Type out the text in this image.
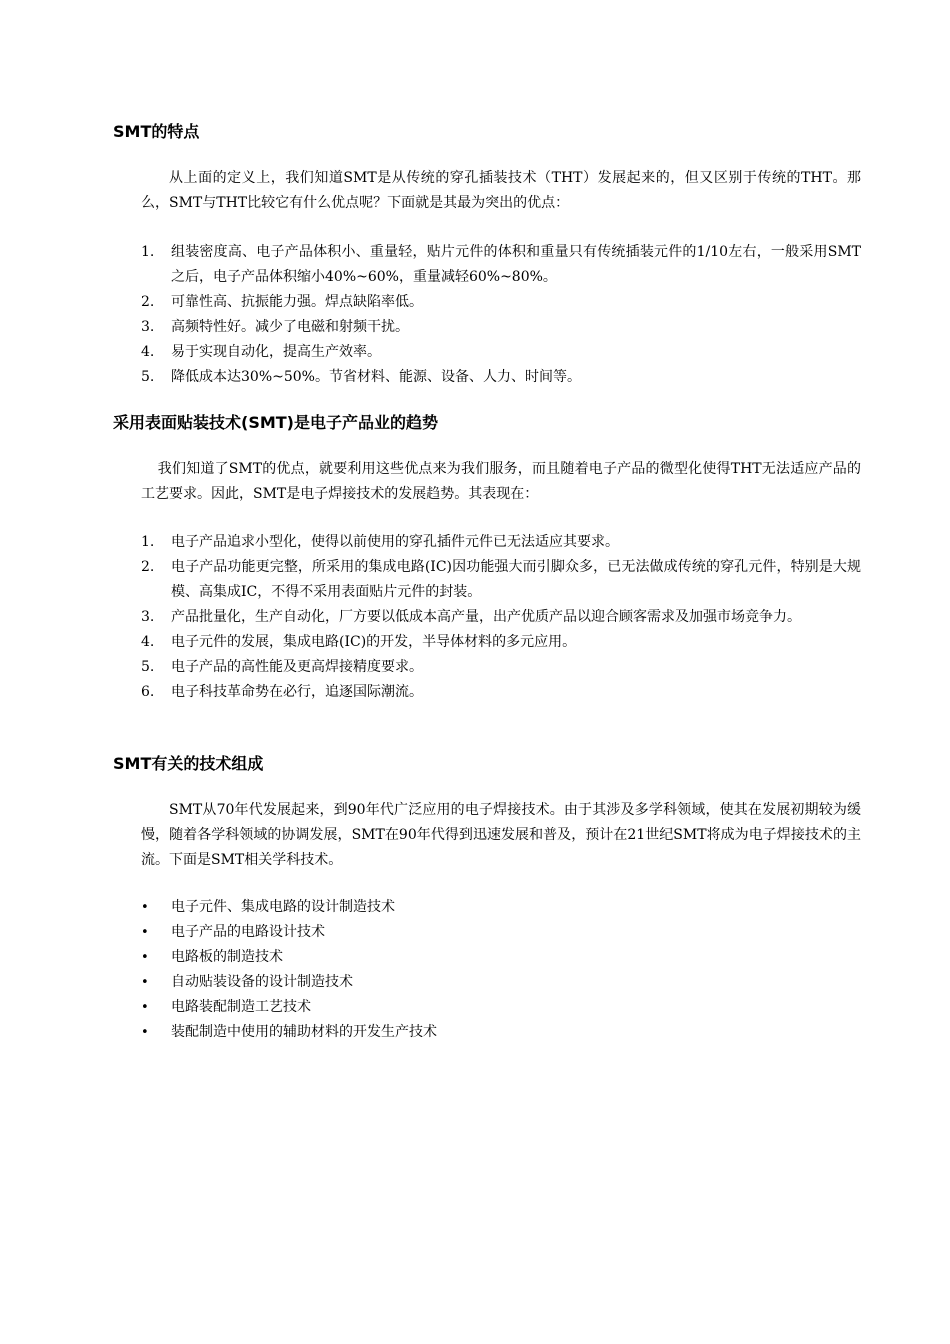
SMT的特点

从上面的定义上，我们知道SMT是从传统的穿孔插装技术（THT）发展起来的，但又区别于传统的THT。那么，SMT与THT比较它有什么优点呢？下面就是其最为突出的优点：

1.	组装密度高、电子产品体积小、重量轻，贴片元件的体积和重量只有传统插装元件的1/10左右，一般采用SMT之后，电子产品体积缩小40%~60%，重量减轻60%~80%。
2.	可靠性高、抗振能力强。焊点缺陷率低。
3.	高频特性好。减少了电磁和射频干扰。
4.	易于实现自动化，提高生产效率。
5.	降低成本达30%~50%。节省材料、能源、设备、人力、时间等。
采用表面贴装技术(SMT)是电子产品业的趋势

我们知道了SMT的优点，就要利用这些优点来为我们服务，而且随着电子产品的微型化使得THT无法适应产品的工艺要求。因此，SMT是电子焊接技术的发展趋势。其表现在：

1.	电子产品追求小型化，使得以前使用的穿孔插件元件已无法适应其要求。
2.	电子产品功能更完整，所采用的集成电路(IC)因功能强大而引脚众多，已无法做成传统的穿孔元件，特别是大规模、高集成IC，不得不采用表面贴片元件的封装。
3.	产品批量化，生产自动化，厂方要以低成本高产量，出产优质产品以迎合顾客需求及加强市场竞争力。
4.	电子元件的发展，集成电路(IC)的开发，半导体材料的多元应用。
5.	电子产品的高性能及更高焊接精度要求。
6.	电子科技革命势在必行，追逐国际潮流。
SMT有关的技术组成

SMT从70年代发展起来，到90年代广泛应用的电子焊接技术。由于其涉及多学科领域，使其在发展初期较为缓慢，随着各学科领域的协调发展，SMT在90年代得到迅速发展和普及，预计在21世纪SMT将成为电子焊接技术的主流。下面是SMT相关学科技术。

•	电子元件、集成电路的设计制造技术
•	电子产品的电路设计技术
•	电路板的制造技术
•	自动贴装设备的设计制造技术
•	电路装配制造工艺技术
•	装配制造中使用的辅助材料的开发生产技术
